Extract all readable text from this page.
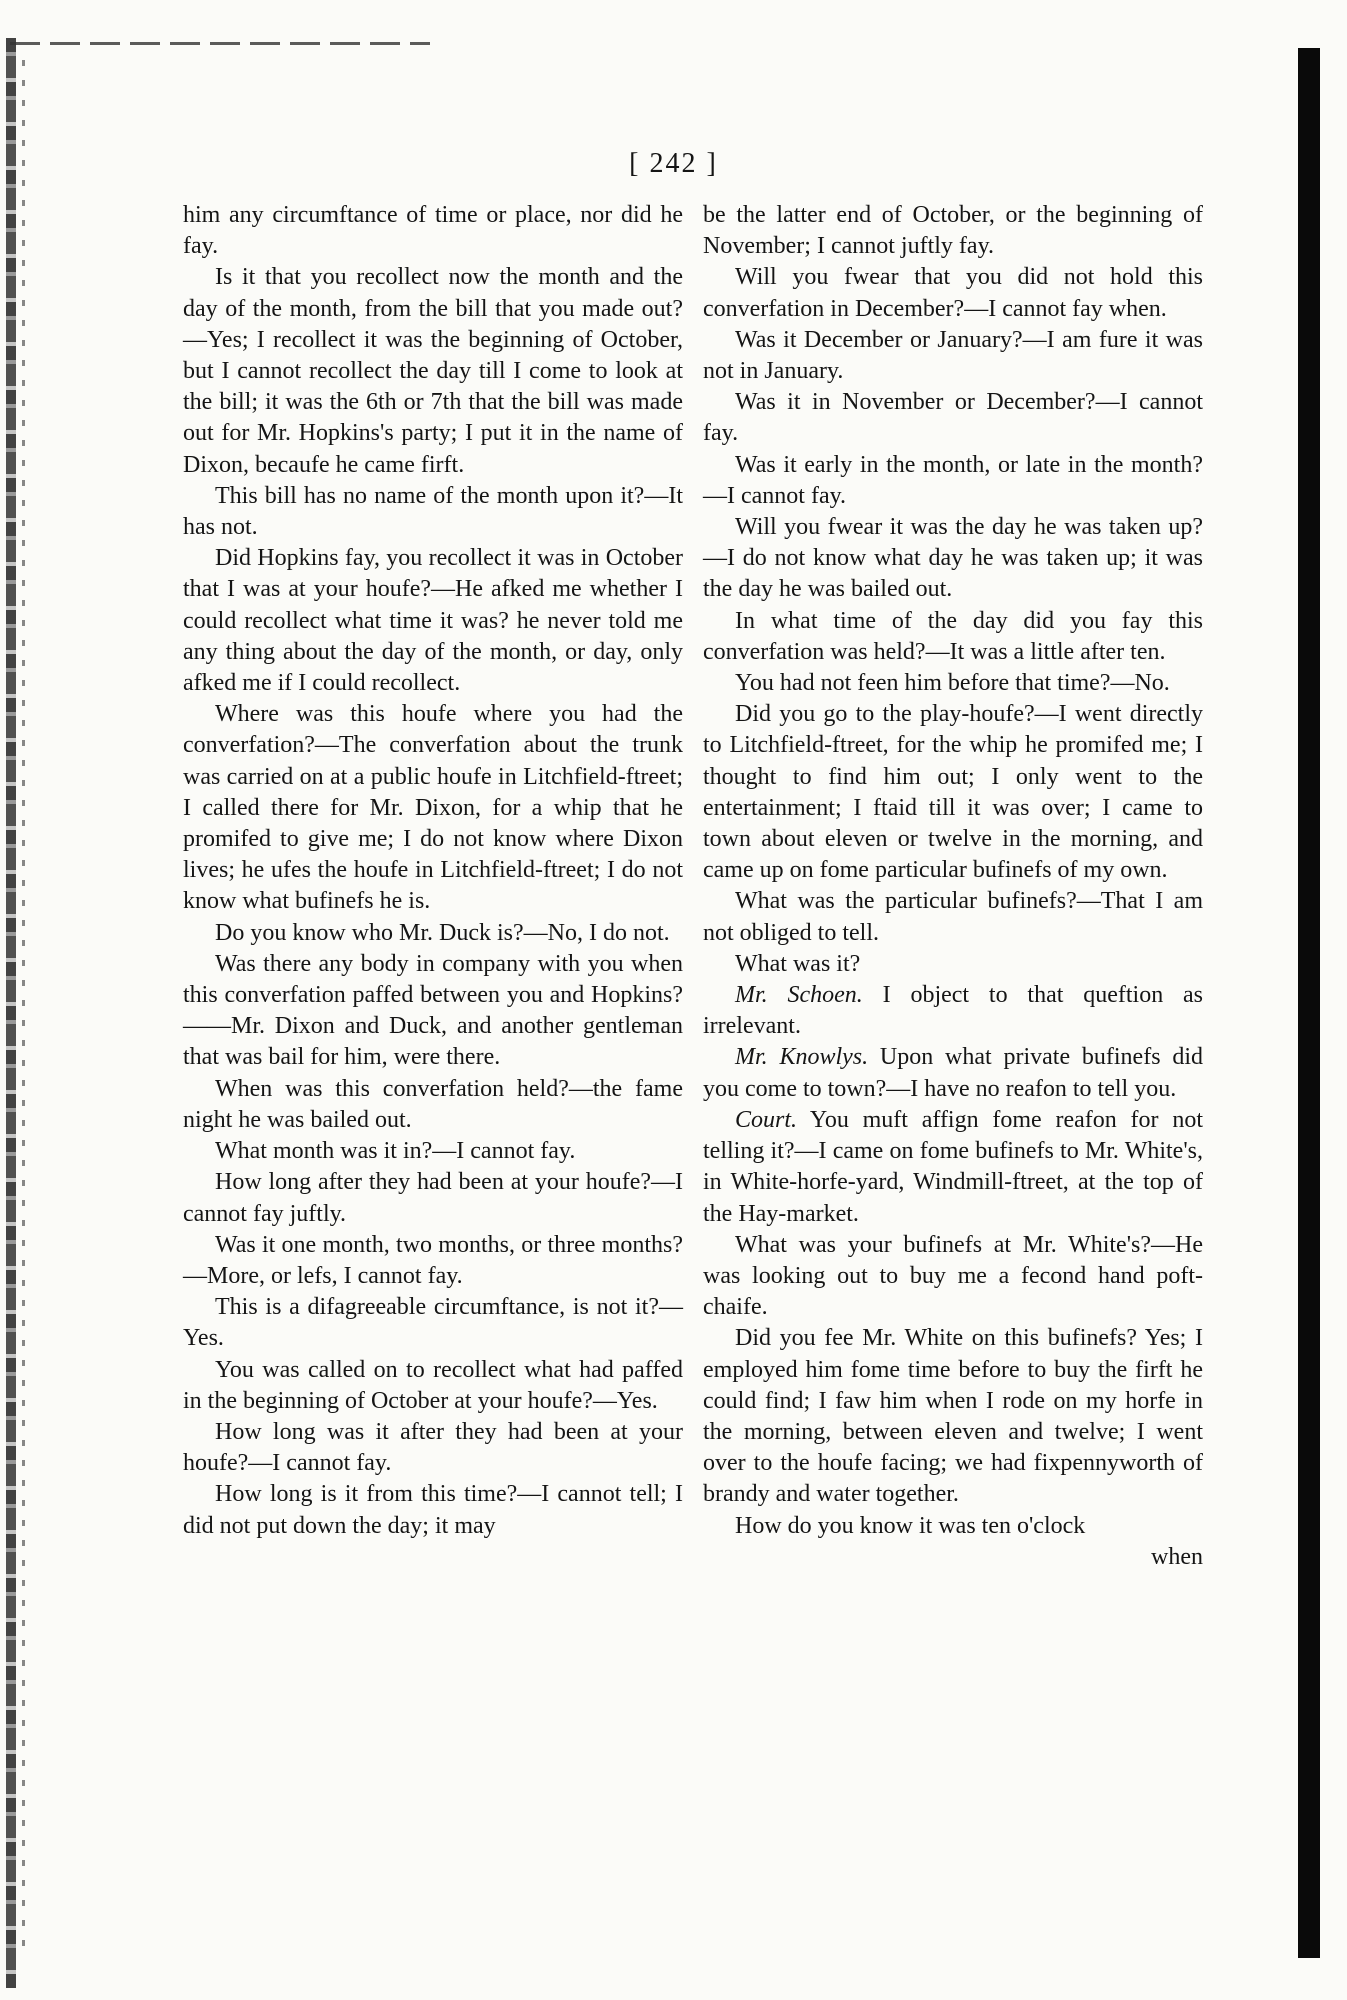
[ 242 ]

him any circumftance of time or place, nor did he fay.

Is it that you recollect now the month and the day of the month, from the bill that you made out?—Yes; I recollect it was the beginning of October, but I cannot recollect the day till I come to look at the bill; it was the 6th or 7th that the bill was made out for Mr. Hopkins's party; I put it in the name of Dixon, becaufe he came firft.

This bill has no name of the month upon it?—It has not.

Did Hopkins fay, you recollect it was in October that I was at your houfe?—He afked me whether I could recollect what time it was? he never told me any thing about the day of the month, or day, only afked me if I could recollect.

Where was this houfe where you had the converfation?—The converfation about the trunk was carried on at a public houfe in Litchfield-ftreet; I called there for Mr. Dixon, for a whip that he promifed to give me; I do not know where Dixon lives; he ufes the houfe in Litchfield-ftreet; I do not know what bufinefs he is.

Do you know who Mr. Duck is?—No, I do not.

Was there any body in company with you when this converfation paffed between you and Hopkins?——Mr. Dixon and Duck, and another gentleman that was bail for him, were there.

When was this converfation held?—the fame night he was bailed out.

What month was it in?—I cannot fay.

How long after they had been at your houfe?—I cannot fay juftly.

Was it one month, two months, or three months?—More, or lefs, I cannot fay.

This is a difagreeable circumftance, is not it?—Yes.

You was called on to recollect what had paffed in the beginning of October at your houfe?—Yes.

How long was it after they had been at your houfe?—I cannot fay.

How long is it from this time?—I cannot tell; I did not put down the day; it may

be the latter end of October, or the beginning of November; I cannot juftly fay.

Will you fwear that you did not hold this converfation in December?—I cannot fay when.

Was it December or January?—I am fure it was not in January.

Was it in November or December?—I cannot fay.

Was it early in the month, or late in the month?—I cannot fay.

Will you fwear it was the day he was taken up?—I do not know what day he was taken up; it was the day he was bailed out.

In what time of the day did you fay this converfation was held?—It was a little after ten.

You had not feen him before that time?—No.

Did you go to the play-houfe?—I went directly to Litchfield-ftreet, for the whip he promifed me; I thought to find him out; I only went to the entertainment; I ftaid till it was over; I came to town about eleven or twelve in the morning, and came up on fome particular bufinefs of my own.

What was the particular bufinefs?—That I am not obliged to tell.

What was it?

Mr. Schoen. I object to that queftion as irrelevant.

Mr. Knowlys. Upon what private bufinefs did you come to town?—I have no reafon to tell you.

Court. You muft affign fome reafon for not telling it?—I came on fome bufinefs to Mr. White's, in White-horfe-yard, Windmill-ftreet, at the top of the Hay-market.

What was your bufinefs at Mr. White's?—He was looking out to buy me a fecond hand poft-chaife.

Did you fee Mr. White on this bufinefs? Yes; I employed him fome time before to buy the firft he could find; I faw him when I rode on my horfe in the morning, between eleven and twelve; I went over to the houfe facing; we had fixpennyworth of brandy and water together.

How do you know it was ten o'clock

when
